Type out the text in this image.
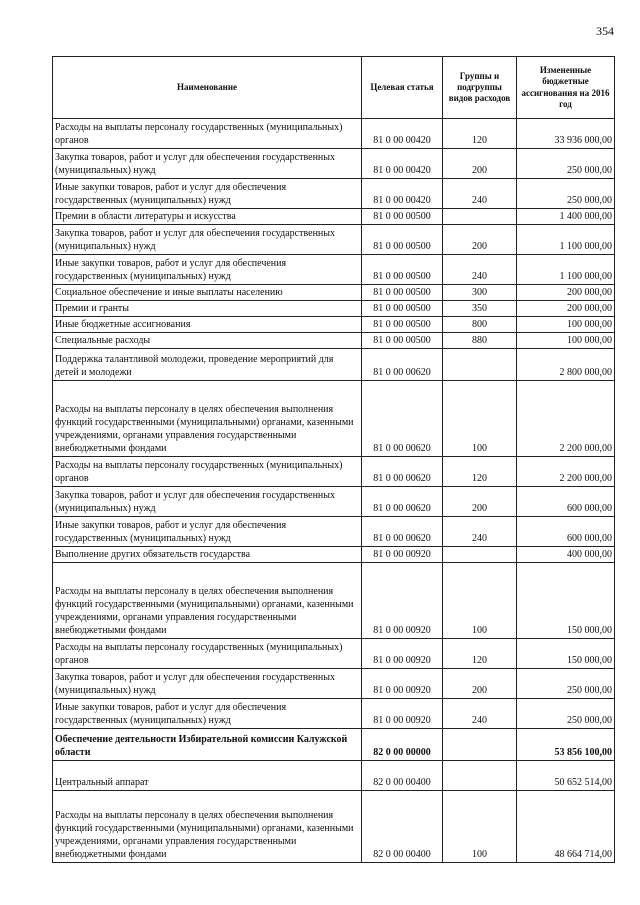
354
Наименование	Целевая статья	Группы и подгруппы видов расходов	Измененные бюджетные ассигнования на 2016 год
Расходы на выплаты персоналу государственных (муниципальных) органов	81 0 00 00420	120	33 936 000,00
Закупка товаров, работ и услуг для обеспечения государственных (муниципальных) нужд	81 0 00 00420	200	250 000,00
Иные закупки товаров, работ и услуг для обеспечения государственных (муниципальных) нужд	81 0 00 00420	240	250 000,00
Премии в области литературы и искусства	81 0 00 00500		1 400 000,00
Закупка товаров, работ и услуг для обеспечения государственных (муниципальных) нужд	81 0 00 00500	200	1 100 000,00
Иные закупки товаров, работ и услуг для обеспечения государственных (муниципальных) нужд	81 0 00 00500	240	1 100 000,00
Социальное обеспечение и иные выплаты населению	81 0 00 00500	300	200 000,00
Премии и гранты	81 0 00 00500	350	200 000,00
Иные бюджетные ассигнования	81 0 00 00500	800	100 000,00
Специальные расходы	81 0 00 00500	880	100 000,00
Поддержка талантливой молодежи, проведение мероприятий для детей и молодежи	81 0 00 00620		2 800 000,00
Расходы на выплаты персоналу в целях обеспечения выполнения функций государственными (муниципальными) органами, казенными учреждениями, органами управления государственными внебюджетными фондами	81 0 00 00620	100	2 200 000,00
Расходы на выплаты персоналу государственных (муниципальных) органов	81 0 00 00620	120	2 200 000,00
Закупка товаров, работ и услуг для обеспечения государственных (муниципальных) нужд	81 0 00 00620	200	600 000,00
Иные закупки товаров, работ и услуг для обеспечения государственных (муниципальных) нужд	81 0 00 00620	240	600 000,00
Выполнение других обязательств государства	81 0 00 00920		400 000,00
Расходы на выплаты персоналу в целях обеспечения выполнения функций государственными (муниципальными) органами, казенными учреждениями, органами управления государственными внебюджетными фондами	81 0 00 00920	100	150 000,00
Расходы на выплаты персоналу государственных (муниципальных) органов	81 0 00 00920	120	150 000,00
Закупка товаров, работ и услуг для обеспечения государственных (муниципальных) нужд	81 0 00 00920	200	250 000,00
Иные закупки товаров, работ и услуг для обеспечения государственных (муниципальных) нужд	81 0 00 00920	240	250 000,00
Обеспечение деятельности Избирательной комиссии Калужской области	82 0 00 00000		53 856 100,00
Центральный аппарат	82 0 00 00400		50 652 514,00
Расходы на выплаты персоналу в целях обеспечения выполнения функций государственными (муниципальными) органами, казенными учреждениями, органами управления государственными внебюджетными фондами	82 0 00 00400	100	48 664 714,00
